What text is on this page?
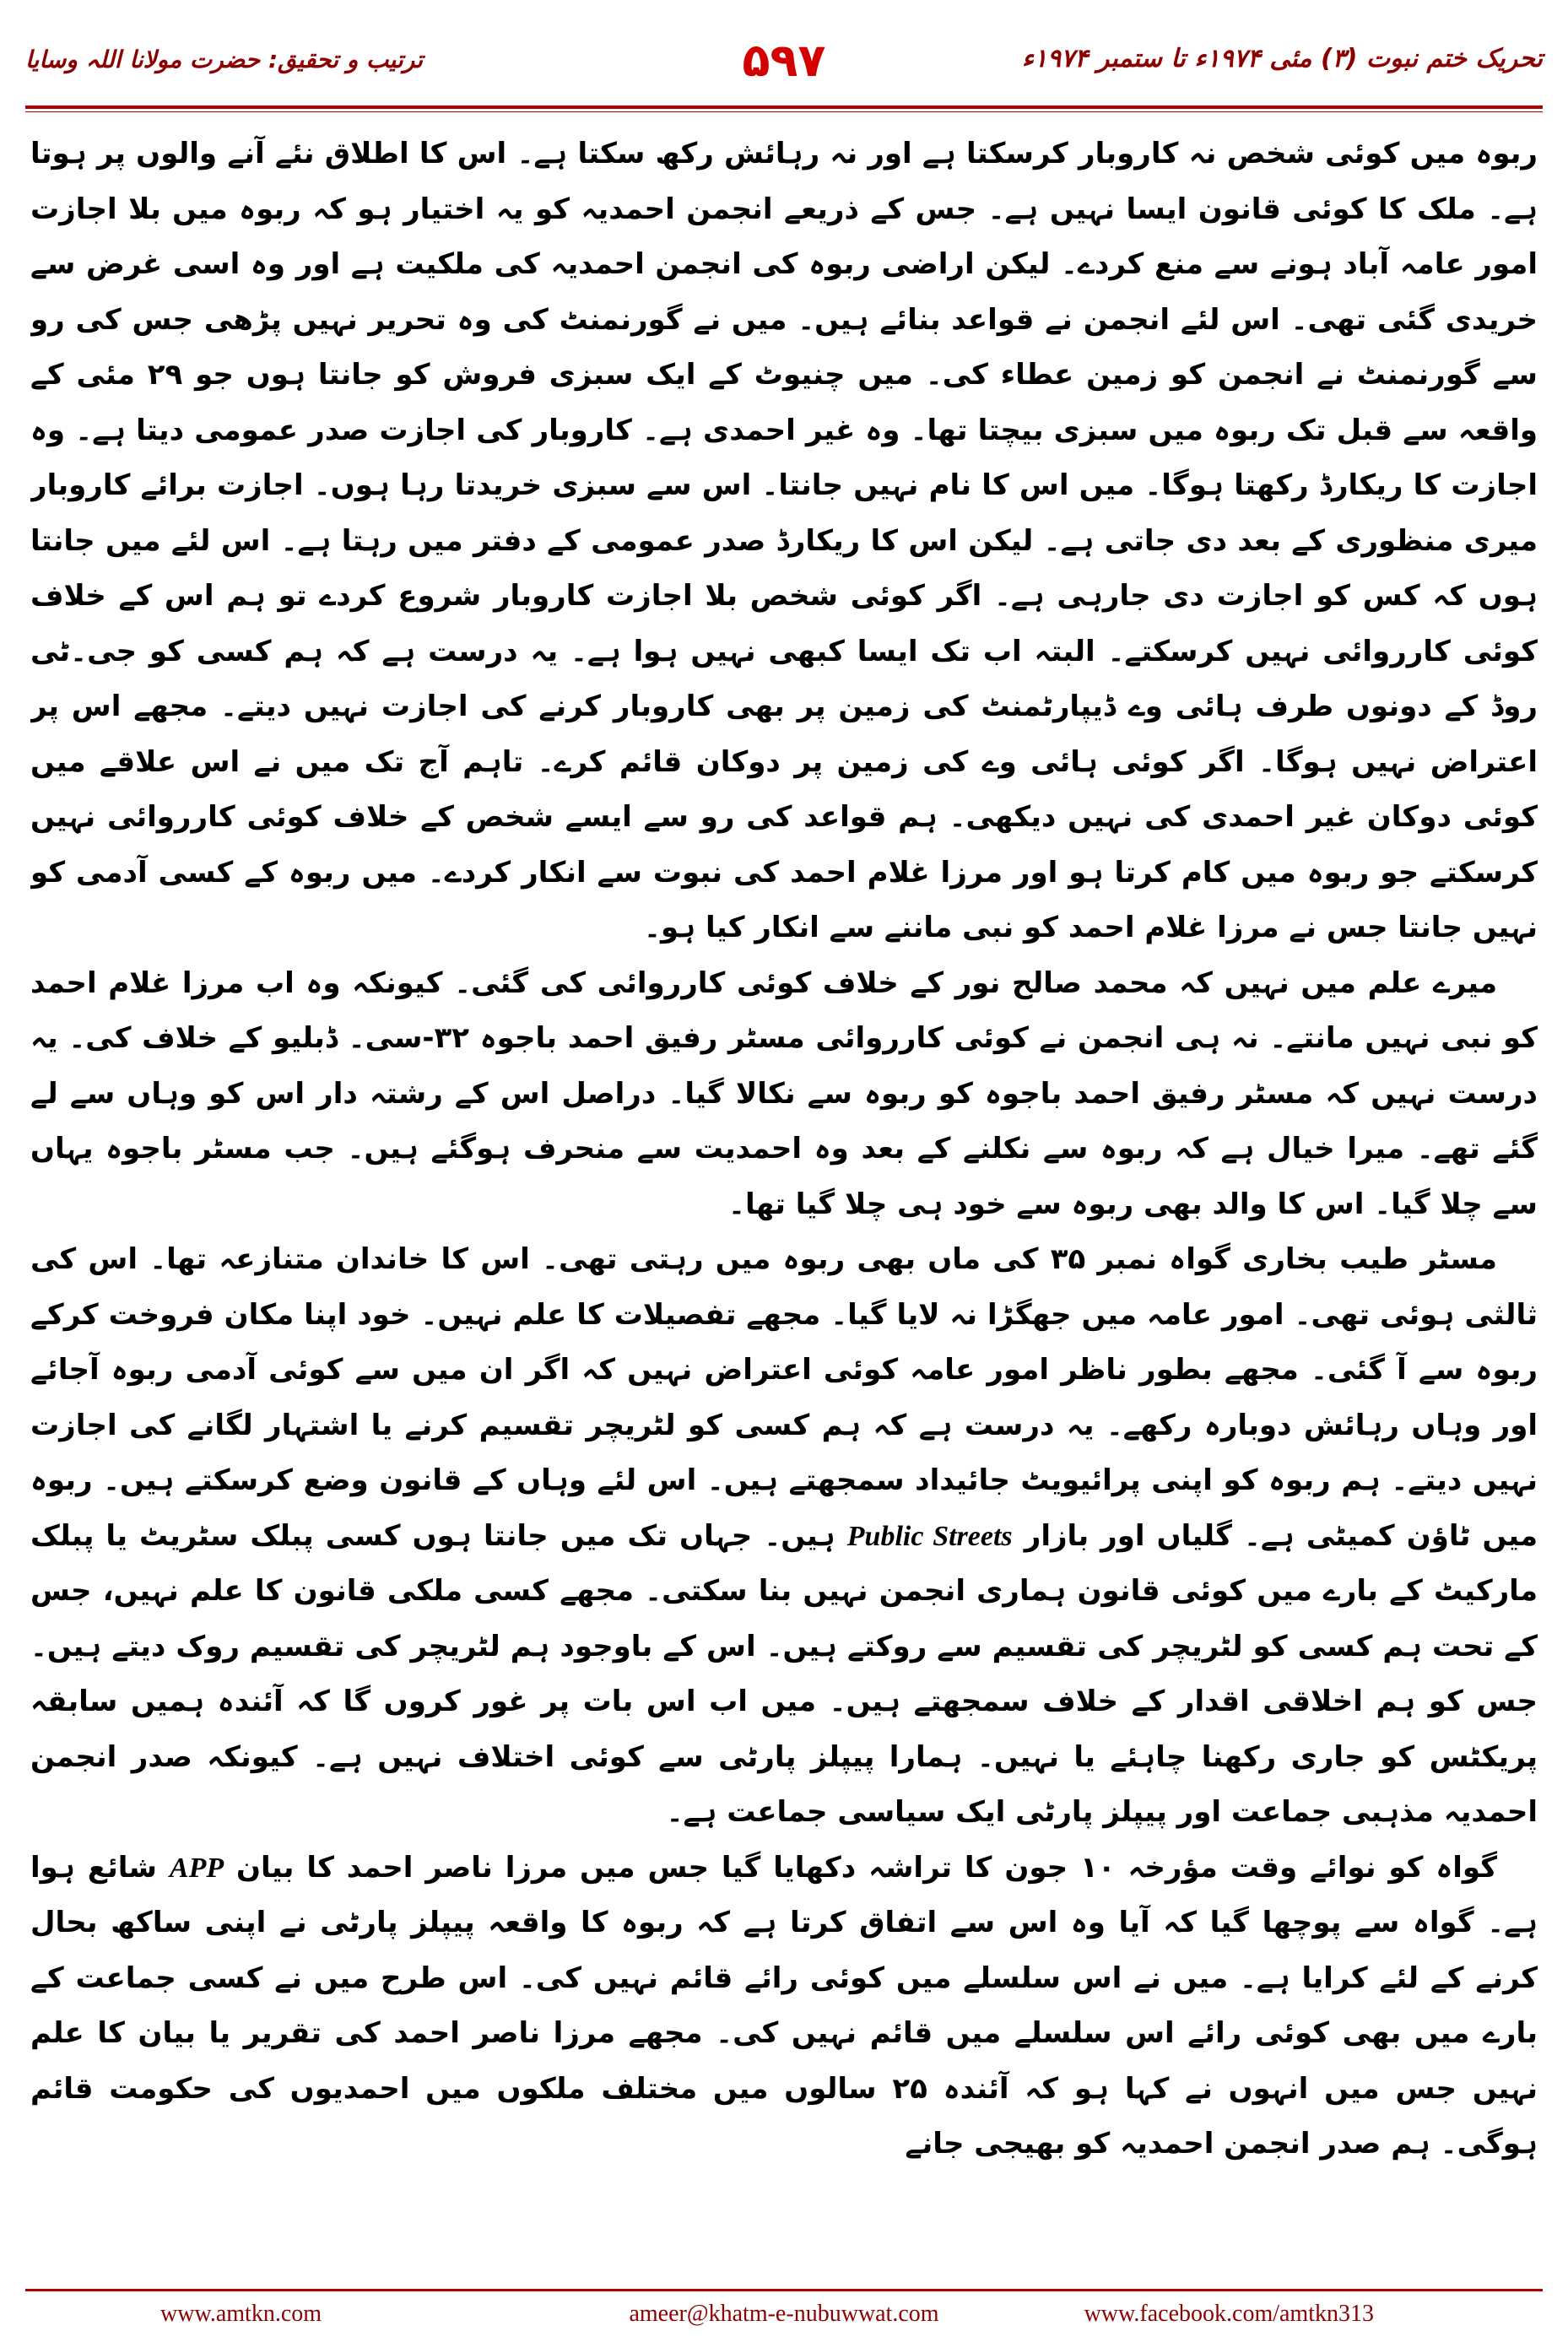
تحریک ختم نبوت (۳) مئی ۱۹۷۴ء تا ستمبر ۱۹۷۴ء
۵۹۷
ترتیب و تحقیق: حضرت مولانا اللہ وسایا

ربوہ میں کوئی شخص نہ کاروبار کرسکتا ہے اور نہ رہائش رکھ سکتا ہے۔ اس کا اطلاق نئے آنے والوں پر ہوتا ہے۔ ملک کا کوئی قانون ایسا نہیں ہے۔ جس کے ذریعے انجمن احمدیہ کو یہ اختیار ہو کہ ربوہ میں بلا اجازت امور عامہ آباد ہونے سے منع کردے۔ لیکن اراضی ربوہ کی انجمن احمدیہ کی ملکیت ہے اور وہ اسی غرض سے خریدی گئی تھی۔ اس لئے انجمن نے قواعد بنائے ہیں۔ میں نے گورنمنٹ کی وہ تحریر نہیں پڑھی جس کی رو سے گورنمنٹ نے انجمن کو زمین عطاء کی۔ میں چنیوٹ کے ایک سبزی فروش کو جانتا ہوں جو ۲۹ مئی کے واقعہ سے قبل تک ربوہ میں سبزی بیچتا تھا۔ وہ غیر احمدی ہے۔ کاروبار کی اجازت صدر عمومی دیتا ہے۔ وہ اجازت کا ریکارڈ رکھتا ہوگا۔ میں اس کا نام نہیں جانتا۔ اس سے سبزی خریدتا رہا ہوں۔ اجازت برائے کاروبار میری منظوری کے بعد دی جاتی ہے۔ لیکن اس کا ریکارڈ صدر عمومی کے دفتر میں رہتا ہے۔ اس لئے میں جانتا ہوں کہ کس کو اجازت دی جارہی ہے۔ اگر کوئی شخص بلا اجازت کاروبار شروع کردے تو ہم اس کے خلاف کوئی کارروائی نہیں کرسکتے۔ البتہ اب تک ایسا کبھی نہیں ہوا ہے۔ یہ درست ہے کہ ہم کسی کو جی۔ٹی روڈ کے دونوں طرف ہائی وے ڈیپارٹمنٹ کی زمین پر بھی کاروبار کرنے کی اجازت نہیں دیتے۔ مجھے اس پر اعتراض نہیں ہوگا۔ اگر کوئی ہائی وے کی زمین پر دوکان قائم کرے۔ تاہم آج تک میں نے اس علاقے میں کوئی دوکان غیر احمدی کی نہیں دیکھی۔ ہم قواعد کی رو سے ایسے شخص کے خلاف کوئی کارروائی نہیں کرسکتے جو ربوہ میں کام کرتا ہو اور مرزا غلام احمد کی نبوت سے انکار کردے۔ میں ربوہ کے کسی آدمی کو نہیں جانتا جس نے مرزا غلام احمد کو نبی ماننے سے انکار کیا ہو۔

میرے علم میں نہیں کہ محمد صالح نور کے خلاف کوئی کارروائی کی گئی۔ کیونکہ وہ اب مرزا غلام احمد کو نبی نہیں مانتے۔ نہ ہی انجمن نے کوئی کارروائی مسٹر رفیق احمد باجوہ ۳۲-سی۔ ڈبلیو کے خلاف کی۔ یہ درست نہیں کہ مسٹر رفیق احمد باجوہ کو ربوہ سے نکالا گیا۔ دراصل اس کے رشتہ دار اس کو وہاں سے لے گئے تھے۔ میرا خیال ہے کہ ربوہ سے نکلنے کے بعد وہ احمدیت سے منحرف ہوگئے ہیں۔ جب مسٹر باجوہ یہاں سے چلا گیا۔ اس کا والد بھی ربوہ سے خود ہی چلا گیا تھا۔

مسٹر طیب بخاری گواہ نمبر ۳۵ کی ماں بھی ربوہ میں رہتی تھی۔ اس کا خاندان متنازعہ تھا۔ اس کی ثالثی ہوئی تھی۔ امور عامہ میں جھگڑا نہ لایا گیا۔ مجھے تفصیلات کا علم نہیں۔ خود اپنا مکان فروخت کرکے ربوہ سے آ گئی۔ مجھے بطور ناظر امور عامہ کوئی اعتراض نہیں کہ اگر ان میں سے کوئی آدمی ربوہ آجائے اور وہاں رہائش دوبارہ رکھے۔ یہ درست ہے کہ ہم کسی کو لٹریچر تقسیم کرنے یا اشتہار لگانے کی اجازت نہیں دیتے۔ ہم ربوہ کو اپنی پرائیویٹ جائیداد سمجھتے ہیں۔ اس لئے وہاں کے قانون وضع کرسکتے ہیں۔ ربوہ میں ٹاؤن کمیٹی ہے۔ گلیاں اور بازار Public Streets ہیں۔ جہاں تک میں جانتا ہوں کسی پبلک سٹریٹ یا پبلک مارکیٹ کے بارے میں کوئی قانون ہماری انجمن نہیں بنا سکتی۔ مجھے کسی ملکی قانون کا علم نہیں، جس کے تحت ہم کسی کو لٹریچر کی تقسیم سے روکتے ہیں۔ اس کے باوجود ہم لٹریچر کی تقسیم روک دیتے ہیں۔ جس کو ہم اخلاقی اقدار کے خلاف سمجھتے ہیں۔ میں اب اس بات پر غور کروں گا کہ آئندہ ہمیں سابقہ پریکٹس کو جاری رکھنا چاہئے یا نہیں۔ ہمارا پیپلز پارٹی سے کوئی اختلاف نہیں ہے۔ کیونکہ صدر انجمن احمدیہ مذہبی جماعت اور پیپلز پارٹی ایک سیاسی جماعت ہے۔

گواہ کو نوائے وقت مؤرخہ ۱۰ جون کا تراشہ دکھایا گیا جس میں مرزا ناصر احمد کا بیان APP شائع ہوا ہے۔ گواہ سے پوچھا گیا کہ آیا وہ اس سے اتفاق کرتا ہے کہ ربوہ کا واقعہ پیپلز پارٹی نے اپنی ساکھ بحال کرنے کے لئے کرایا ہے۔ میں نے اس سلسلے میں کوئی رائے قائم نہیں کی۔ اس طرح میں نے کسی جماعت کے بارے میں بھی کوئی رائے اس سلسلے میں قائم نہیں کی۔ مجھے مرزا ناصر احمد کی تقریر یا بیان کا علم نہیں جس میں انہوں نے کہا ہو کہ آئندہ ۲۵ سالوں میں مختلف ملکوں میں احمدیوں کی حکومت قائم ہوگی۔ ہم صدر انجمن احمدیہ کو بھیجی جانے

www.amtkn.com	ameer@khatm-e-nubuwwat.com	www.facebook.com/amtkn313
